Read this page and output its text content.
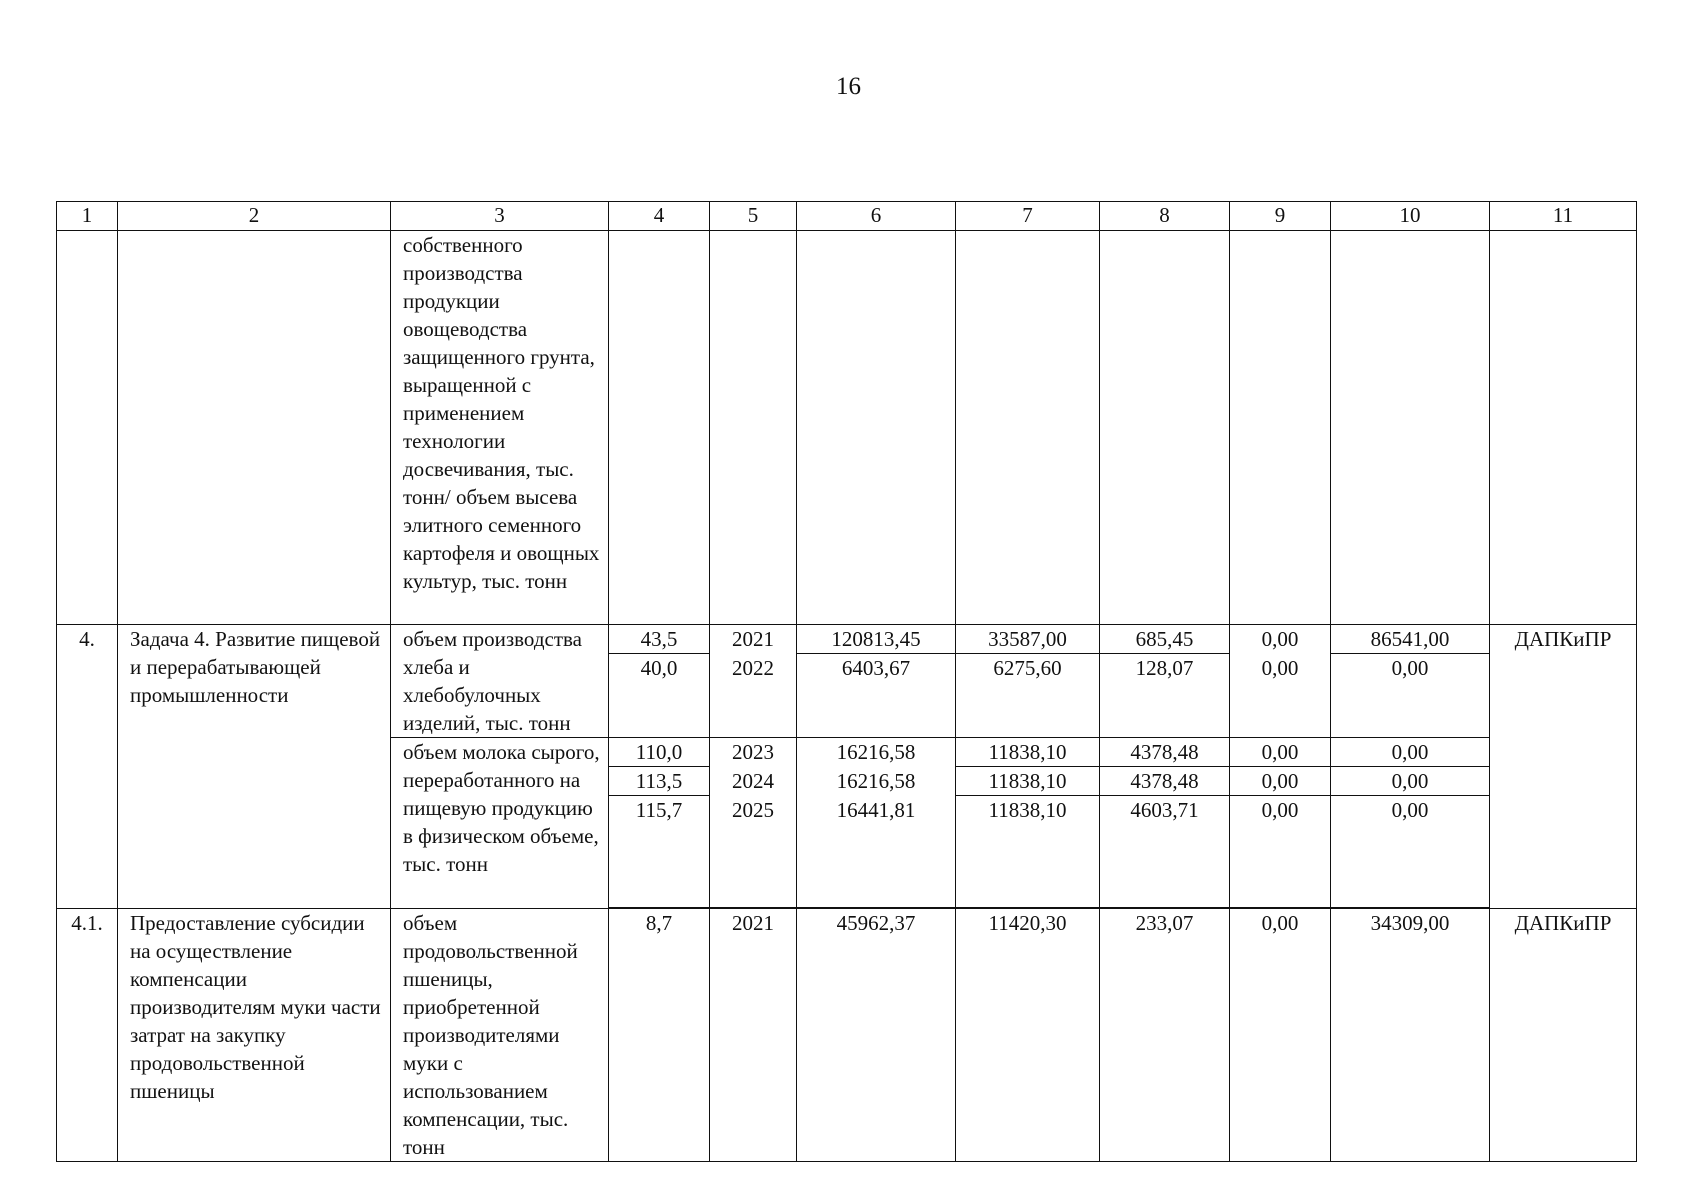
16
1	2	3	4	5	6	7	8	9	10	11
		собственного производства продукции овощеводства защищенного грунта, выращенной с применением технологии досвечивания, тыс. тонн/ объем высева элитного семенного картофеля и овощных культур, тыс. тонн								
4.	Задача 4. Развитие пищевой и перерабатывающей промышленности	объем производства хлеба и хлебобулочных изделий, тыс. тонн	43,5	2021	120813,45	33587,00	685,45	0,00	86541,00	ДАПКиПР
			40,0	2022	6403,67	6275,60	128,07	0,00	0,00	
		объем молока сырого, переработанного на пищевую продукцию в физическом объеме, тыс. тонн	110,0	2023	16216,58	11838,10	4378,48	0,00	0,00	
			113,5	2024	16216,58	11838,10	4378,48	0,00	0,00	
			115,7	2025	16441,81	11838,10	4603,71	0,00	0,00	

4.1.	Предоставление субсидии на осуществление компенсации производителям муки части затрат на закупку продовольственной пшеницы	объем продовольственной пшеницы, приобретенной производителями муки с использованием компенсации, тыс. тонн	8,7	2021	45962,37	11420,30	233,07	0,00	34309,00	ДАПКиПР
